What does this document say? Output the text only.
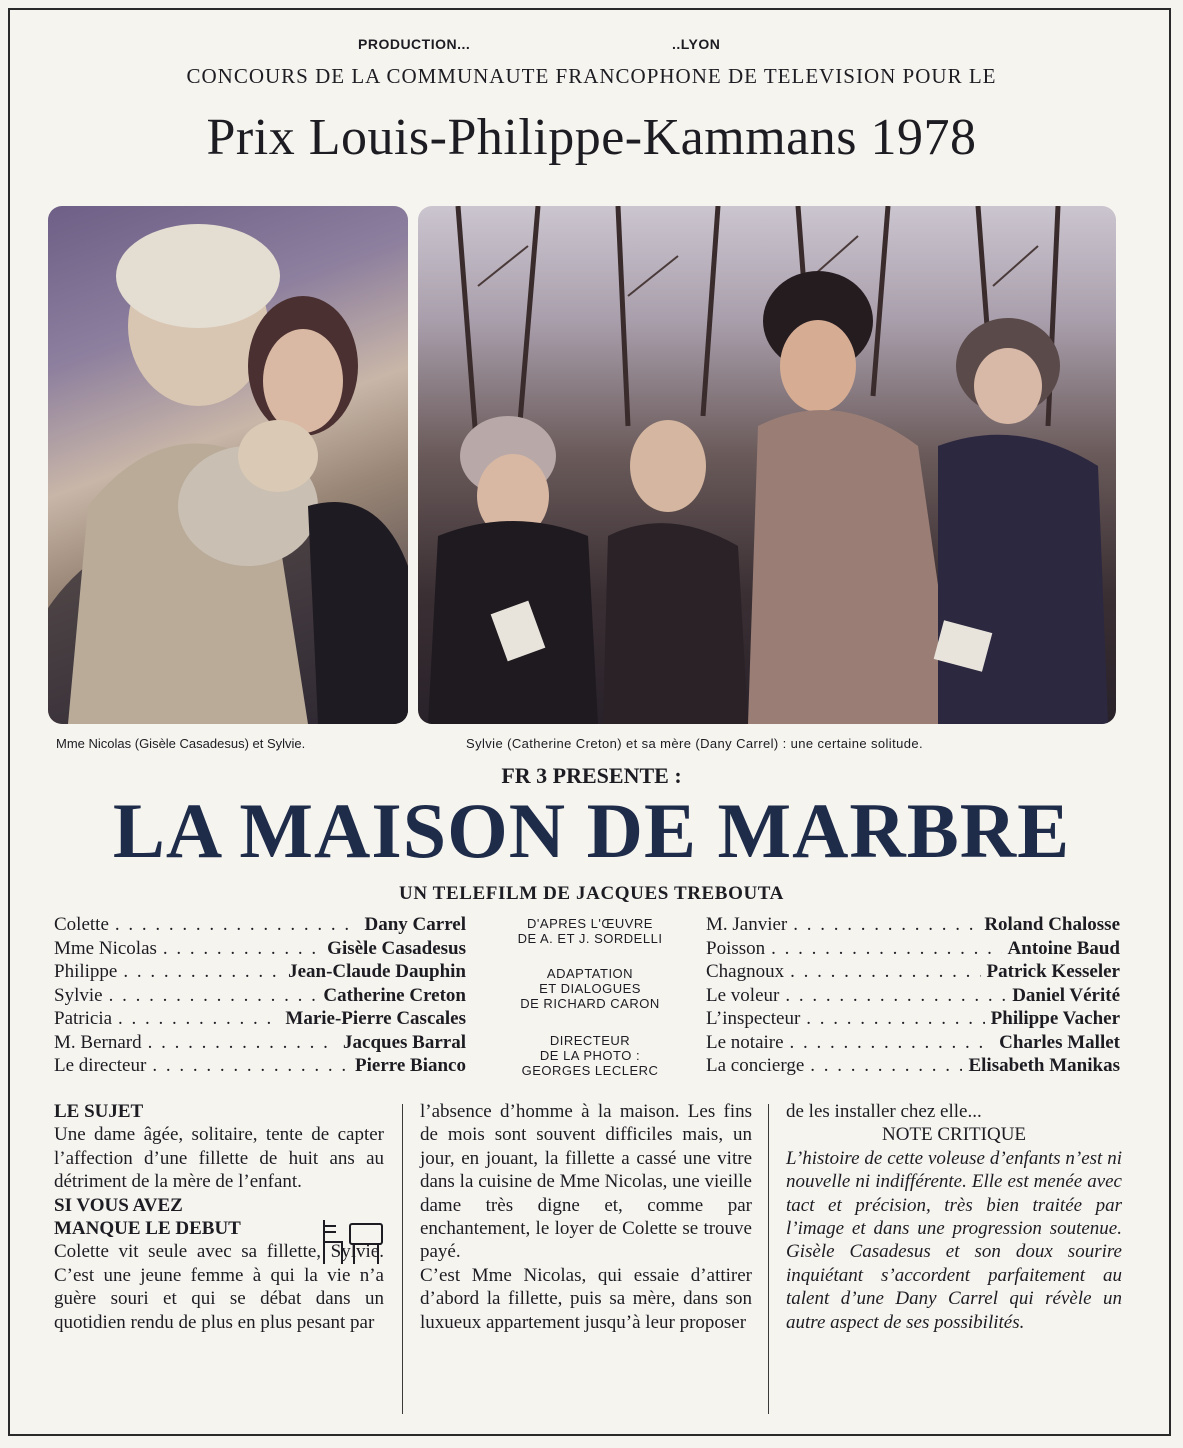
PRODUCTION...	..LYON
CONCOURS DE LA COMMUNAUTE FRANCOPHONE DE TELEVISION POUR LE
Prix Louis-Philippe-Kammans 1978
Mme Nicolas (Gisèle Casadesus) et Sylvie.	Sylvie (Catherine Creton) et sa mère (Dany Carrel) : une certaine solitude.
FR 3 PRESENTE :
LA MAISON DE MARBRE
UN TELEFILM DE JACQUES TREBOUTA
Colette . . .	Dany Carrel
Mme Nicolas . . .	Gisèle Casadesus
Philippe . . .	Jean-Claude Dauphin
Sylvie . . .	Catherine Creton
Patricia . . .	Marie-Pierre Cascales
M. Bernard . . .	Jacques Barral
Le directeur . . .	Pierre Bianco
D'APRES L'ŒUVRE
DE A. ET J. SORDELLI
ADAPTATION
ET DIALOGUES
DE RICHARD CARON
DIRECTEUR
DE LA PHOTO :
GEORGES LECLERC
M. Janvier . . .	Roland Chalosse
Poisson . . .	Antoine Baud
Chagnoux . . .	Patrick Kesseler
Le voleur . . .	Daniel Vérité
L’inspecteur . . .	Philippe Vacher
Le notaire . . .	Charles Mallet
La concierge . . .	Elisabeth Manikas

LE SUJET

Une dame âgée, solitaire, tente de capter l’affection d’une fillette de huit ans au détriment de la mère de l’enfant.

SI VOUS AVEZ

MANQUE LE DEBUT

Colette vit seule avec sa fillette, Sylvie. C’est une jeune femme à qui la vie n’a guère souri et qui se débat dans un quotidien rendu de plus en plus pesant par

l’absence d’homme à la maison. Les fins de mois sont souvent difficiles mais, un jour, en jouant, la fillette a cassé une vitre dans la cuisine de Mme Nicolas, une vieille dame très digne et, comme par enchantement, le loyer de Colette se trouve payé.

C’est Mme Nicolas, qui essaie d’attirer d’abord la fillette, puis sa mère, dans son luxueux appartement jusqu’à leur proposer

de les installer chez elle...

NOTE CRITIQUE

L’histoire de cette voleuse d’enfants n’est ni nouvelle ni indifférente. Elle est menée avec tact et précision, très bien traitée par l’image et dans une progression soutenue. Gisèle Casadesus et son doux sourire inquiétant s’accordent parfaitement au talent d’une Dany Carrel qui révèle un autre aspect de ses possibilités.
